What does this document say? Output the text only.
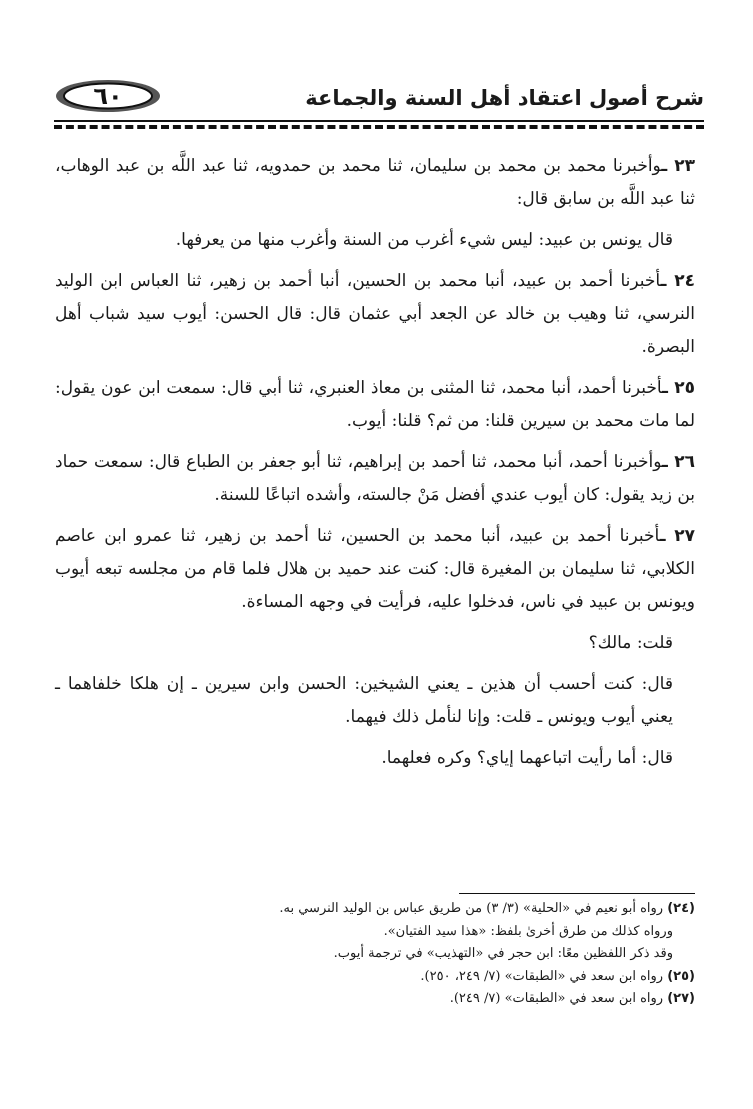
٦٠	شرح أصول اعتقاد أهل السنة والجماعة

٢٣ ـوأخبرنا محمد بن محمد بن سليمان، ثنا محمد بن حمدويه، ثنا عبد اللَّه بن عبد الوهاب، ثنا عبد اللَّه بن سابق قال:

قال يونس بن عبيد: ليس شيء أغرب من السنة وأغرب منها من يعرفها.

٢٤ ـأخبرنا أحمد بن عبيد، أنبا محمد بن الحسين، أنبا أحمد بن زهير، ثنا العباس ابن الوليد النرسي، ثنا وهيب بن خالد عن الجعد أبي عثمان قال: قال الحسن: أيوب سيد شباب أهل البصرة.

٢٥ ـأخبرنا أحمد، أنبا محمد، ثنا المثنى بن معاذ العنبري، ثنا أبي قال: سمعت ابن عون يقول: لما مات محمد بن سيرين قلنا: من ثم؟ قلنا: أيوب.

٢٦ ـوأخبرنا أحمد، أنبا محمد، ثنا أحمد بن إبراهيم، ثنا أبو جعفر بن الطباع قال: سمعت حماد بن زيد يقول: كان أيوب عندي أفضل مَنْ جالسته، وأشده اتباعًا للسنة.

٢٧ ـأخبرنا أحمد بن عبيد، أنبا محمد بن الحسين، ثنا أحمد بن زهير، ثنا عمرو ابن عاصم الكلابي، ثنا سليمان بن المغيرة قال: كنت عند حميد بن هلال فلما قام من مجلسه تبعه أيوب ويونس بن عبيد في ناس، فدخلوا عليه، فرأيت في وجهه المساءة.

قلت: مالك؟

قال: كنت أحسب أن هذين ـ يعني الشيخين: الحسن وابن سيرين ـ إن هلكا خلفاهما ـ يعني أيوب ويونس ـ قلت: وإنا لنأمل ذلك فيهما.

قال: أما رأيت اتباعهما إياي؟ وكره فعلهما.

(٢٤) رواه أبو نعيم في «الحلية» (٣/ ٣) من طريق عباس بن الوليد النرسي به.

ورواه كذلك من طرق أخرىٰ بلفظ: «هذا سيد الفتيان».

وقد ذكر اللفظين معًا: ابن حجر في «التهذيب» في ترجمة أيوب.

(٢٥) رواه ابن سعد في «الطبقات» (٧/ ٢٤٩، ٢٥٠).

(٢٧) رواه ابن سعد في «الطبقات» (٧/ ٢٤٩).
